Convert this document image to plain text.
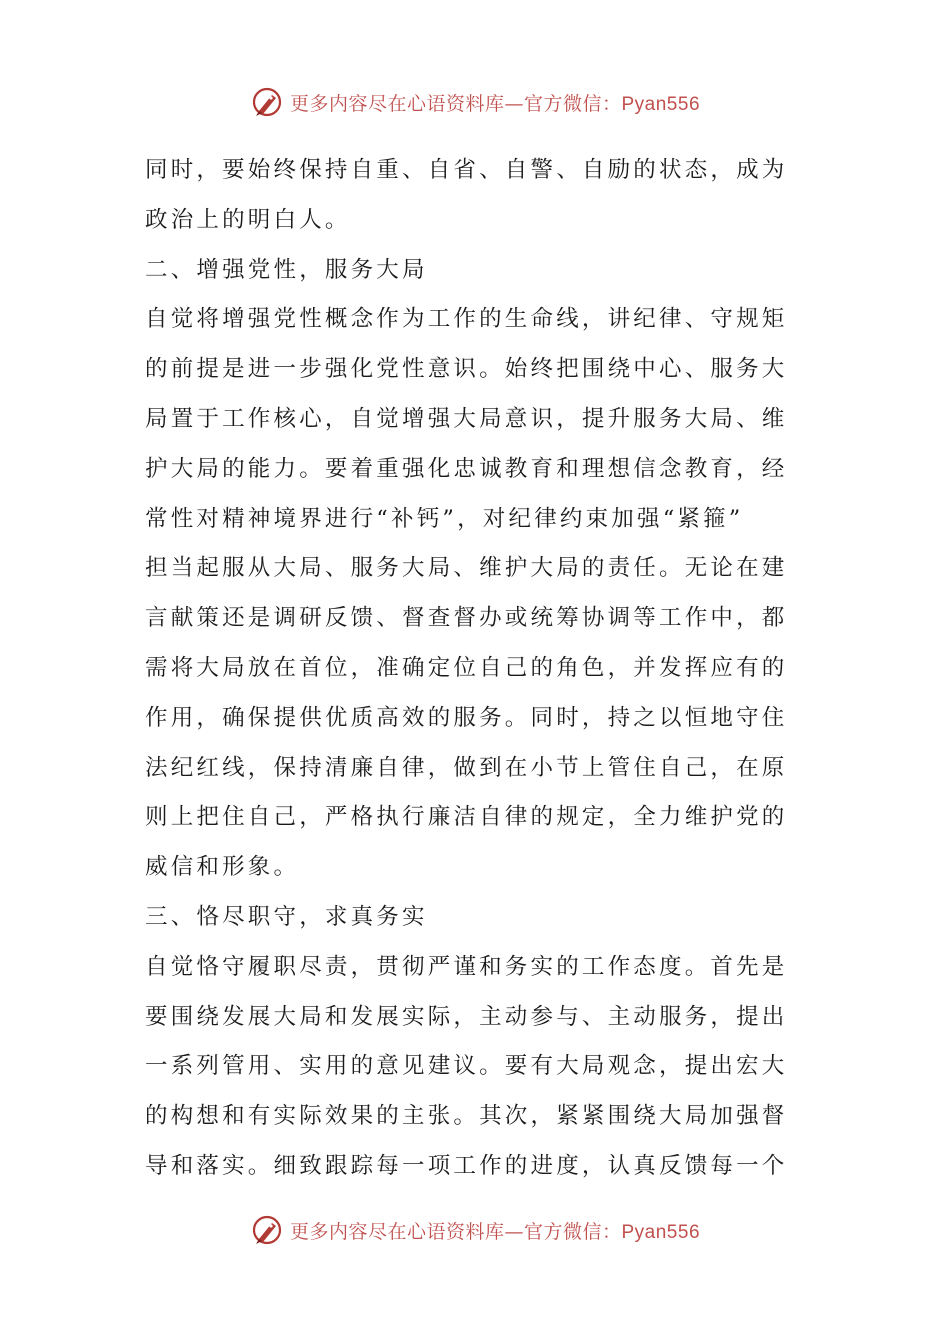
更多内容尽在心语资料库—官方微信：Pyan556
同时，要始终保持自重、自省、自警、自励的状态，成为
政治上的明白人。
二、增强党性，服务大局
自觉将增强党性概念作为工作的生命线，讲纪律、守规矩
的前提是进一步强化党性意识。始终把围绕中心、服务大
局置于工作核心，自觉增强大局意识，提升服务大局、维
护大局的能力。要着重强化忠诚教育和理想信念教育，经
常性对精神境界进行“补钙”，对纪律约束加强“紧箍”
担当起服从大局、服务大局、维护大局的责任。无论在建
言献策还是调研反馈、督查督办或统筹协调等工作中，都
需将大局放在首位，准确定位自己的角色，并发挥应有的
作用，确保提供优质高效的服务。同时，持之以恒地守住
法纪红线，保持清廉自律，做到在小节上管住自己，在原
则上把住自己，严格执行廉洁自律的规定，全力维护党的
威信和形象。
三、恪尽职守，求真务实
自觉恪守履职尽责，贯彻严谨和务实的工作态度。首先是
要围绕发展大局和发展实际，主动参与、主动服务，提出
一系列管用、实用的意见建议。要有大局观念，提出宏大
的构想和有实际效果的主张。其次，紧紧围绕大局加强督
导和落实。细致跟踪每一项工作的进度，认真反馈每一个
更多内容尽在心语资料库—官方微信：Pyan556
